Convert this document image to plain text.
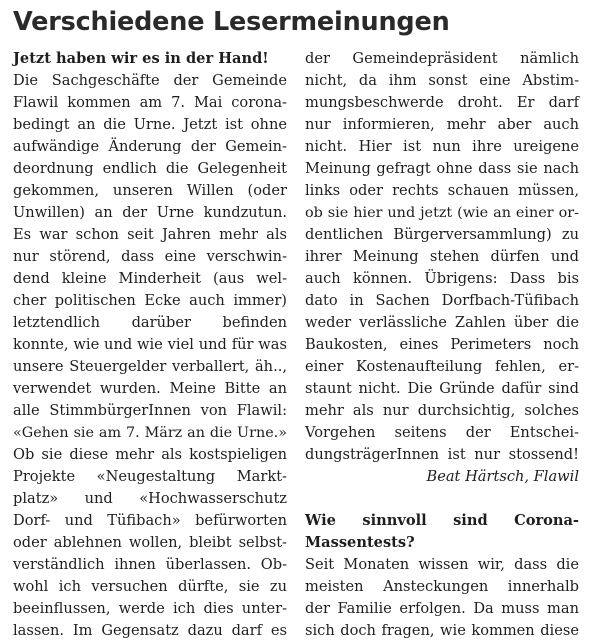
Verschiedene Lesermeinungen
Jetzt haben wir es in der Hand!
Die Sachgeschäfte der Gemeinde
Flawil kommen am 7. Mai corona-
bedingt an die Urne. Jetzt ist ohne
aufwändige Änderung der Gemein-
deordnung endlich die Gelegenheit
gekommen, unseren Willen (oder
Unwillen) an der Urne kundzutun.
Es war schon seit Jahren mehr als
nur störend, dass eine verschwin-
dend kleine Minderheit (aus wel-
cher politischen Ecke auch immer)
letztendlich darüber befinden
konnte, wie und wie viel und für was
unsere Steuergelder verballert, äh..,
verwendet wurden. Meine Bitte an
alle StimmbürgerInnen von Flawil:
«Gehen sie am 7. März an die Urne.»
Ob sie diese mehr als kostspieligen
Projekte «Neugestaltung Markt-
platz» und «Hochwasserschutz
Dorf- und Tüfibach» befürworten
oder ablehnen wollen, bleibt selbst-
verständlich ihnen überlassen. Ob-
wohl ich versuchen dürfte, sie zu
beeinflussen, werde ich dies unter-
lassen. Im Gegensatz dazu darf es
der Gemeindepräsident nämlich
nicht, da ihm sonst eine Abstim-
mungsbeschwerde droht. Er darf
nur informieren, mehr aber auch
nicht. Hier ist nun ihre ureigene
Meinung gefragt ohne dass sie nach
links oder rechts schauen müssen,
ob sie hier und jetzt (wie an einer or-
dentlichen Bürgerversammlung) zu
ihrer Meinung stehen dürfen und
auch können. Übrigens: Dass bis
dato in Sachen Dorfbach-Tüfibach
weder verlässliche Zahlen über die
Baukosten, eines Perimeters noch
einer Kostenaufteilung fehlen, er-
staunt nicht. Die Gründe dafür sind
mehr als nur durchsichtig, solches
Vorgehen seitens der Entschei-
dungsträgerInnen ist nur stossend!
Beat Härtsch, Flawil
Wie sinnvoll sind Corona-
Massentests?
Seit Monaten wissen wir, dass die
meisten Ansteckungen innerhalb
der Familie erfolgen. Da muss man
sich doch fragen, wie kommen diese
